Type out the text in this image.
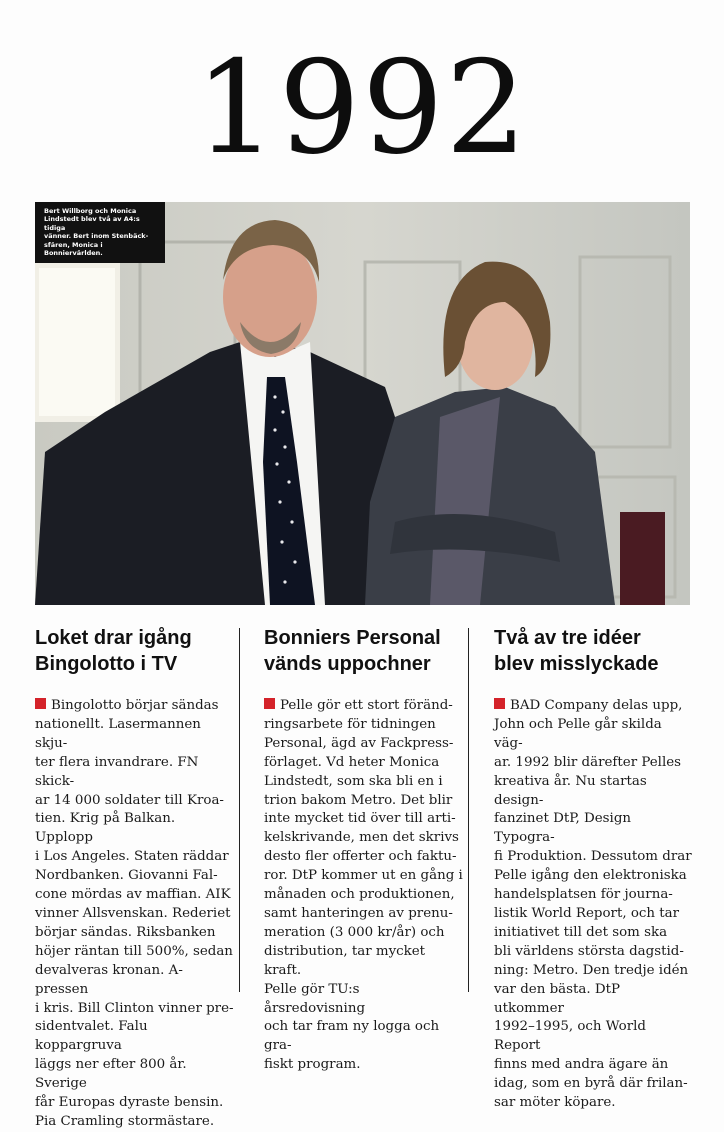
1992
Bert Willborg och Monica
Lindstedt blev två av A4:s tidiga
vänner. Bert inom Stenbäck-
sfären, Monica i Bonniervärlden.
Loket drar igång
Bingolotto i TV
Bingolotto börjar sändas
nationellt. Lasermannen skju-
ter flera invandrare. FN skick-
ar 14 000 soldater till Kroa-
tien. Krig på Balkan. Upplopp
i Los Angeles. Staten räddar
Nordbanken. Giovanni Fal-
cone mördas av maffian. AIK
vinner Allsvenskan. Rederiet
börjar sändas. Riksbanken
höjer räntan till 500%, sedan
devalveras kronan. A-pressen
i kris. Bill Clinton vinner pre-
sidentvalet. Falu koppargruva
läggs ner efter 800 år. Sverige
får Europas dyraste bensin.
Pia Cramling stormästare.
Bonniers Personal
vänds uppochner
Pelle gör ett stort föränd-
ringsarbete för tidningen
Personal, ägd av Fackpress-
förlaget. Vd heter Monica
Lindstedt, som ska bli en i
trion bakom Metro. Det blir
inte mycket tid över till arti-
kelskrivande, men det skrivs
desto fler offerter och faktu-
ror. DtP kommer ut en gång i
månaden och produktionen,
samt hanteringen av prenu-
meration (3 000 kr/år) och
distribution, tar mycket kraft.
Pelle gör TU:s årsredovisning
och tar fram ny logga och gra-
fiskt program.
Två av tre idéer
blev misslyckade
BAD Company delas upp,
John och Pelle går skilda väg-
ar. 1992 blir därefter Pelles
kreativa år. Nu startas design-
fanzinet DtP, Design Typogra-
fi Produktion. Dessutom drar
Pelle igång den elektroniska
handelsplatsen för journa-
listik World Report, och tar
initiativet till det som ska
bli världens största dagstid-
ning: Metro. Den tredje idén
var den bästa. DtP utkommer
1992–1995, och World Report
finns med andra ägare än
idag, som en byrå där frilan-
sar möter köpare.
